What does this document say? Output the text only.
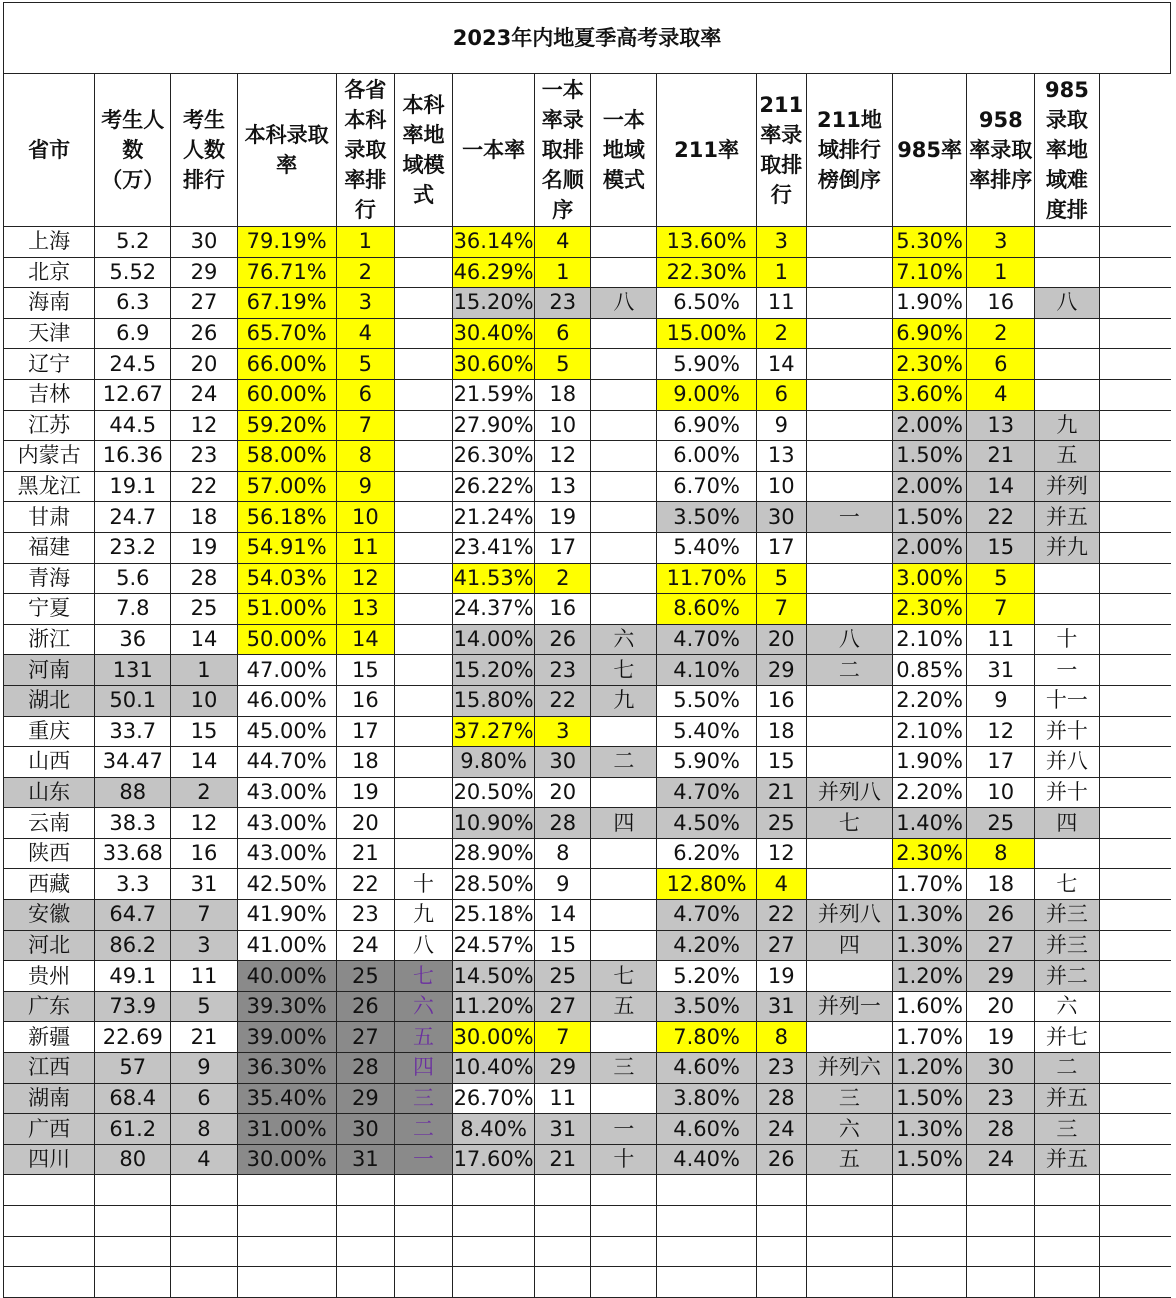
2023年内地夏季高考录取率															
省市	考生人数（万）	考生人数排行	本科录取率	各省本科录取率排行	本科率地域模式	一本率	一本率录取排名顺序	一本地域模式	211率	211率录取排行	211地域排行榜倒序	985率	958率录取率排序	985录取率地域难度排	
上海	5.2	30	79.19%	1		36.14%	4		13.60%	3		5.30%	3		
北京	5.52	29	76.71%	2		46.29%	1		22.30%	1		7.10%	1		
海南	6.3	27	67.19%	3		15.20%	23	八	6.50%	11		1.90%	16	八	
天津	6.9	26	65.70%	4		30.40%	6		15.00%	2		6.90%	2		
辽宁	24.5	20	66.00%	5		30.60%	5		5.90%	14		2.30%	6		
吉林	12.67	24	60.00%	6		21.59%	18		9.00%	6		3.60%	4		
江苏	44.5	12	59.20%	7		27.90%	10		6.90%	9		2.00%	13	九	
内蒙古	16.36	23	58.00%	8		26.30%	12		6.00%	13		1.50%	21	五	
黑龙江	19.1	22	57.00%	9		26.22%	13		6.70%	10		2.00%	14	并列	
甘肃	24.7	18	56.18%	10		21.24%	19		3.50%	30	一	1.50%	22	并五	
福建	23.2	19	54.91%	11		23.41%	17		5.40%	17		2.00%	15	并九	
青海	5.6	28	54.03%	12		41.53%	2		11.70%	5		3.00%	5		
宁夏	7.8	25	51.00%	13		24.37%	16		8.60%	7		2.30%	7		
浙江	36	14	50.00%	14		14.00%	26	六	4.70%	20	八	2.10%	11	十	
河南	131	1	47.00%	15		15.20%	23	七	4.10%	29	二	0.85%	31	一	
湖北	50.1	10	46.00%	16		15.80%	22	九	5.50%	16		2.20%	9	十一	
重庆	33.7	15	45.00%	17		37.27%	3		5.40%	18		2.10%	12	并十	
山西	34.47	14	44.70%	18		9.80%	30	二	5.90%	15		1.90%	17	并八	
山东	88	2	43.00%	19		20.50%	20		4.70%	21	并列八	2.20%	10	并十	
云南	38.3	12	43.00%	20		10.90%	28	四	4.50%	25	七	1.40%	25	四	
陕西	33.68	16	43.00%	21		28.90%	8		6.20%	12		2.30%	8		
西藏	3.3	31	42.50%	22	十	28.50%	9		12.80%	4		1.70%	18	七	
安徽	64.7	7	41.90%	23	九	25.18%	14		4.70%	22	并列八	1.30%	26	并三	
河北	86.2	3	41.00%	24	八	24.57%	15		4.20%	27	四	1.30%	27	并三	
贵州	49.1	11	40.00%	25	七	14.50%	25	七	5.20%	19		1.20%	29	并二	
广东	73.9	5	39.30%	26	六	11.20%	27	五	3.50%	31	并列一	1.60%	20	六	
新疆	22.69	21	39.00%	27	五	30.00%	7		7.80%	8		1.70%	19	并七	
江西	57	9	36.30%	28	四	10.40%	29	三	4.60%	23	并列六	1.20%	30	二	
湖南	68.4	6	35.40%	29	三	26.70%	11		3.80%	28	三	1.50%	23	并五	
广西	61.2	8	31.00%	30	二	8.40%	31	一	4.60%	24	六	1.30%	28	三	
四川	80	4	30.00%	31	一	17.60%	21	十	4.40%	26	五	1.50%	24	并五	
